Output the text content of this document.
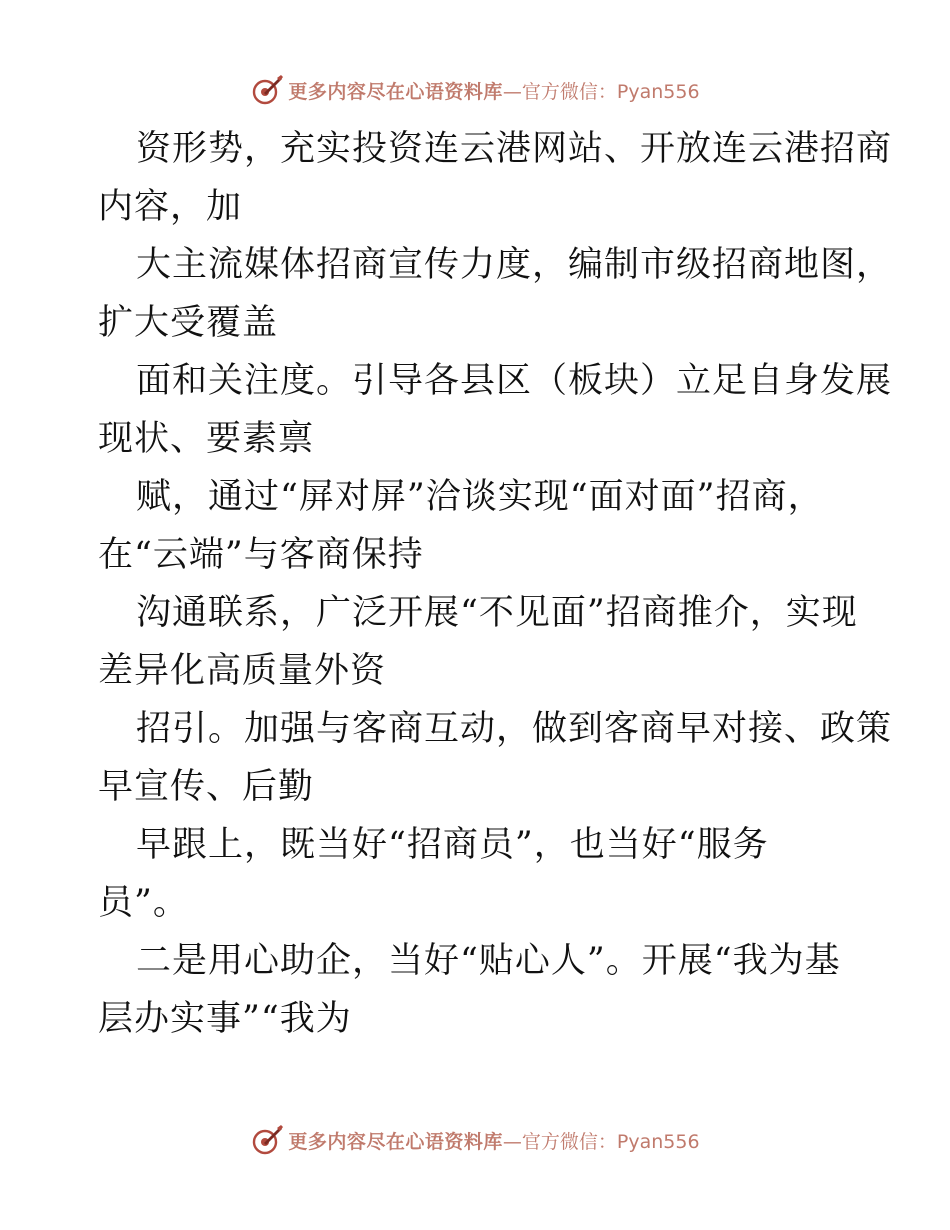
更多内容尽在心语资料库 —官方微信：Pyan556
资形势，充实投资连云港网站、开放连云港招商
内容，加
大主流媒体招商宣传力度，编制市级招商地图，
扩大受覆盖
面和关注度。引导各县区（板块）立足自身发展
现状、要素禀
赋，通过“屏对屏”洽谈实现“面对面”招商，
在“云端”与客商保持
沟通联系，广泛开展“不见面”招商推介，实现
差异化高质量外资
招引。加强与客商互动，做到客商早对接、政策
早宣传、后勤
早跟上，既当好“招商员”，也当好“服务
员”。
二是用心助企，当好“贴心人”。开展“我为基
层办实事”“我为
更多内容尽在心语资料库 —官方微信：Pyan556
